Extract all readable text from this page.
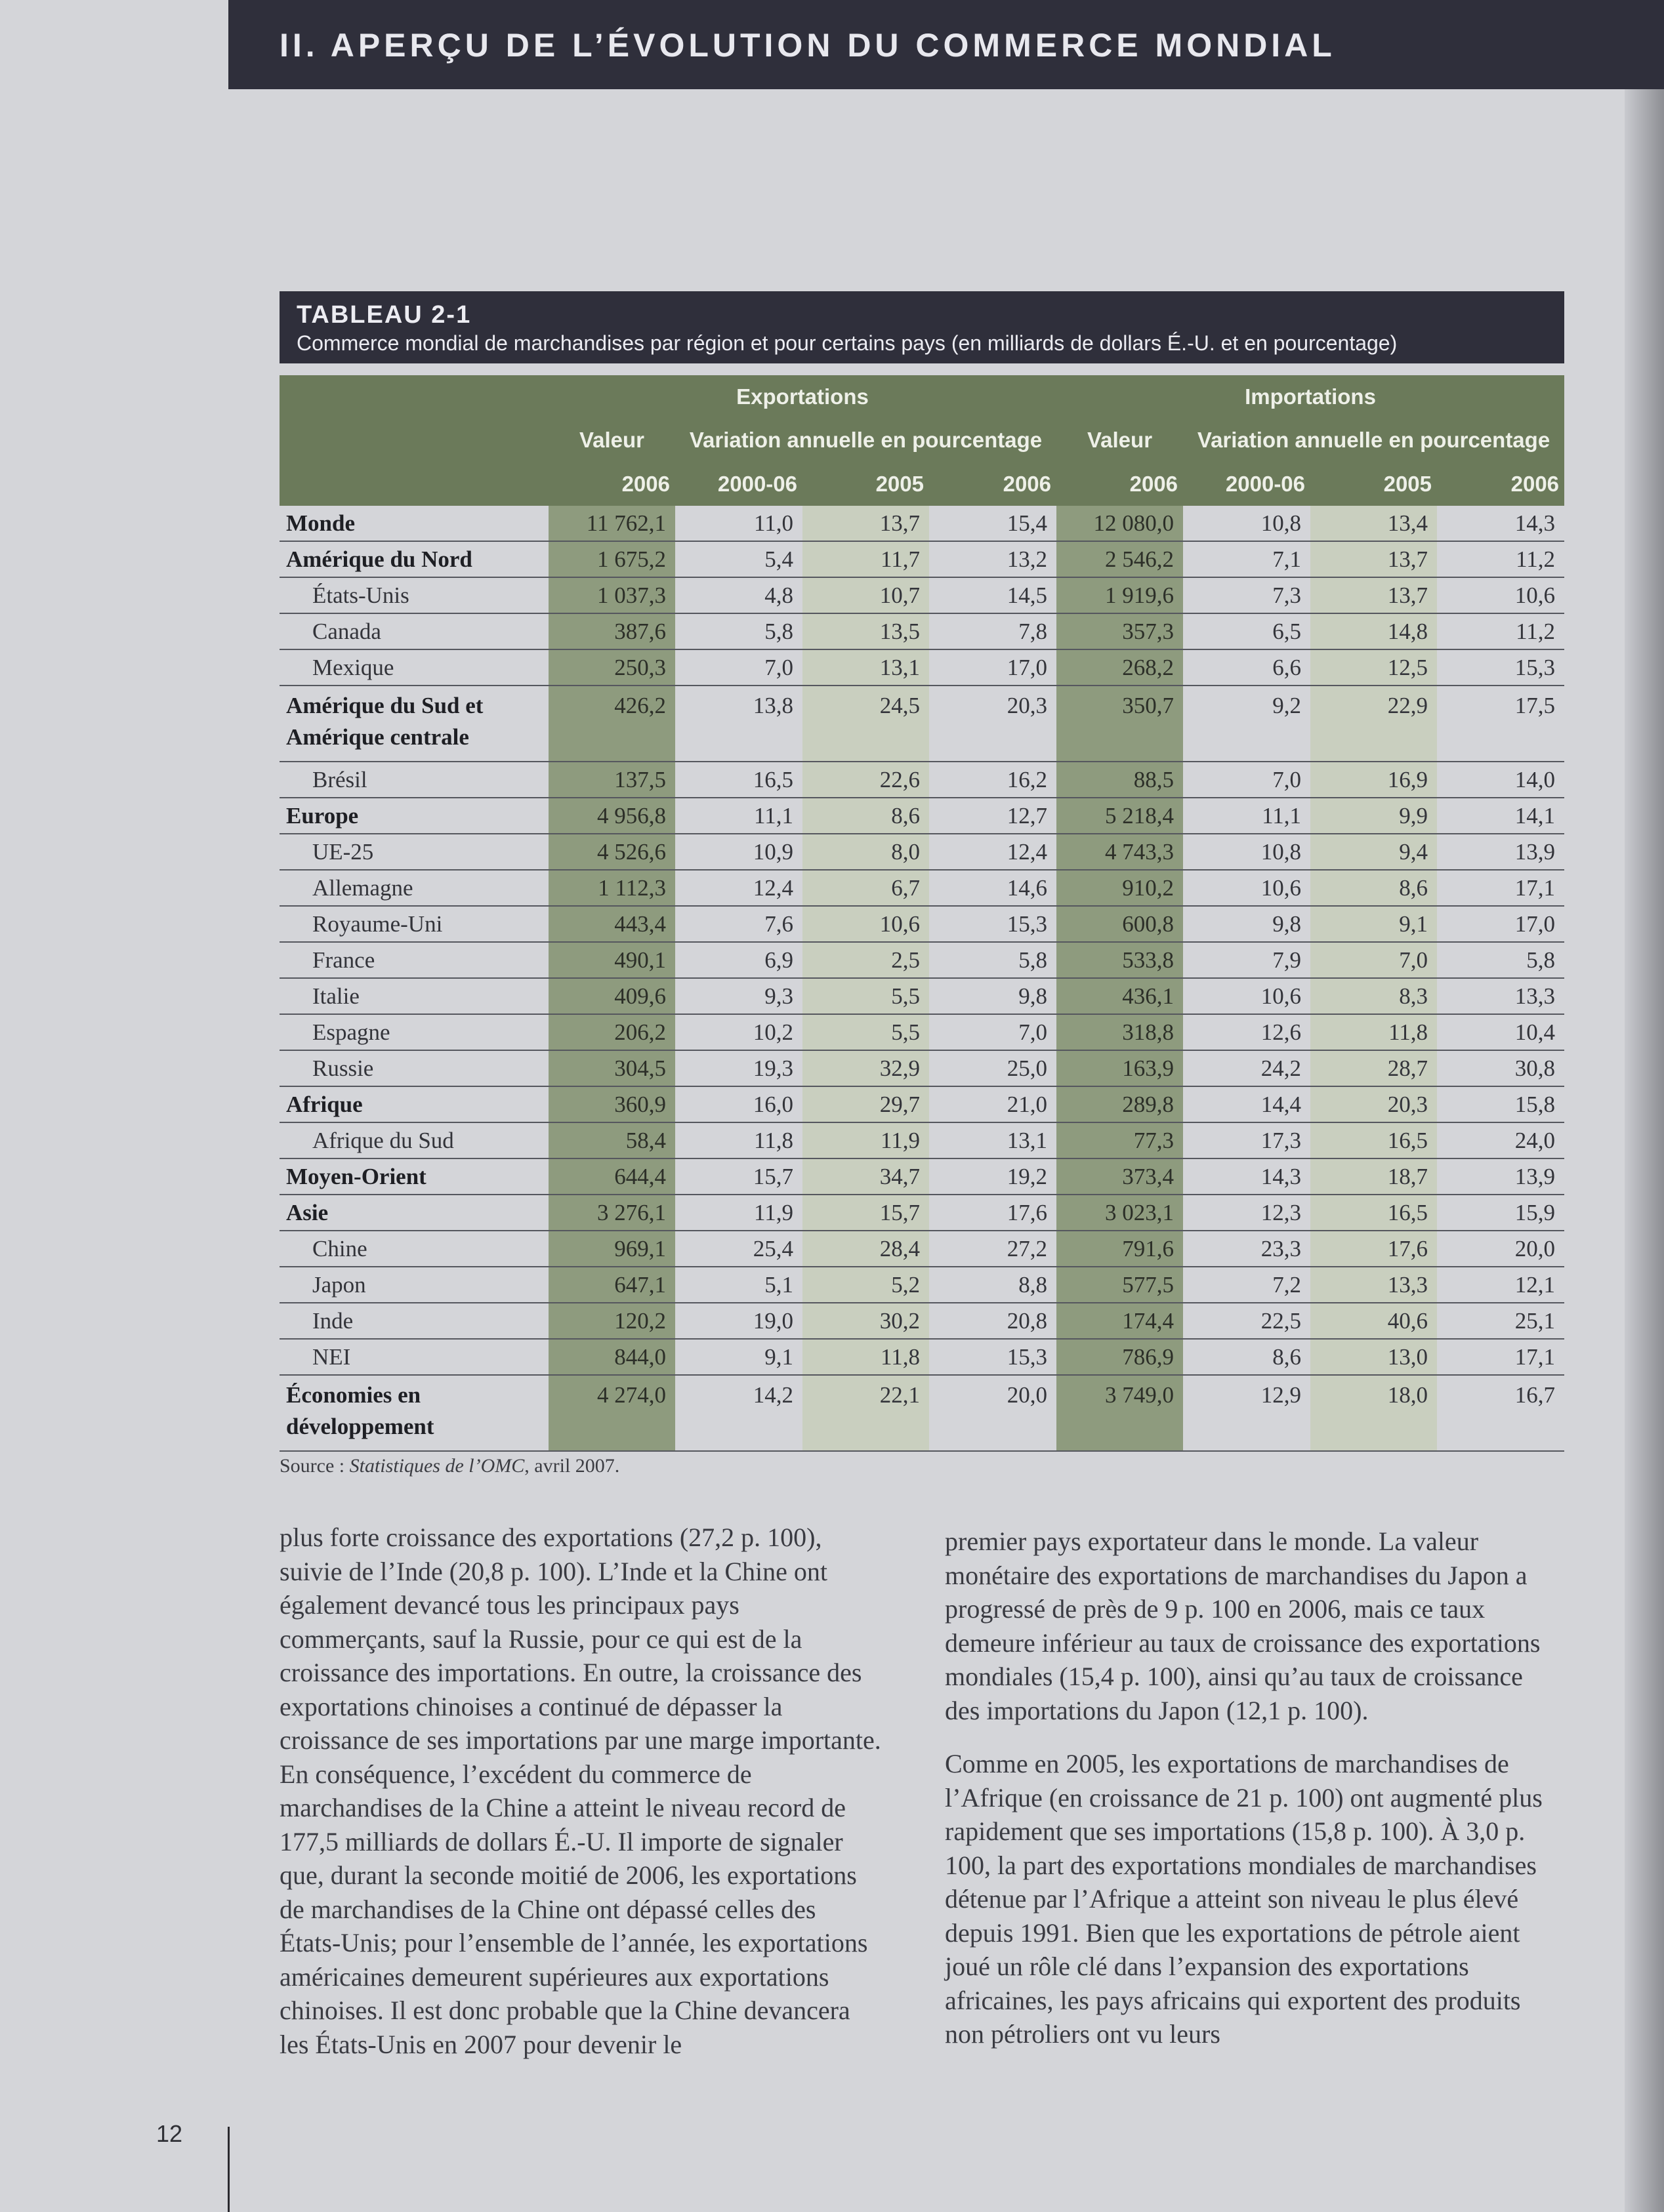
II. APERÇU DE L’ÉVOLUTION DU COMMERCE MONDIAL
TABLEAU 2-1
Commerce mondial de marchandises par région et pour certains pays (en milliards de dollars É.-U. et en pourcentage)
	Exportations				Importations			
	Valeur	Variation annuelle en pourcentage			Valeur	Variation annuelle en pourcentage		
	2006	2000-06	2005	2006	2006	2000-06	2005	2006
Monde	11 762,1	11,0	13,7	15,4	12 080,0	10,8	13,4	14,3
Amérique du Nord	1 675,2	5,4	11,7	13,2	2 546,2	7,1	13,7	11,2
États-Unis	1 037,3	4,8	10,7	14,5	1 919,6	7,3	13,7	10,6
Canada	387,6	5,8	13,5	7,8	357,3	6,5	14,8	11,2
Mexique	250,3	7,0	13,1	17,0	268,2	6,6	12,5	15,3
Amérique du Sud et Amérique centrale	426,2	13,8	24,5	20,3	350,7	9,2	22,9	17,5
Brésil	137,5	16,5	22,6	16,2	88,5	7,0	16,9	14,0
Europe	4 956,8	11,1	8,6	12,7	5 218,4	11,1	9,9	14,1
UE-25	4 526,6	10,9	8,0	12,4	4 743,3	10,8	9,4	13,9
Allemagne	1 112,3	12,4	6,7	14,6	910,2	10,6	8,6	17,1
Royaume-Uni	443,4	7,6	10,6	15,3	600,8	9,8	9,1	17,0
France	490,1	6,9	2,5	5,8	533,8	7,9	7,0	5,8
Italie	409,6	9,3	5,5	9,8	436,1	10,6	8,3	13,3
Espagne	206,2	10,2	5,5	7,0	318,8	12,6	11,8	10,4
Russie	304,5	19,3	32,9	25,0	163,9	24,2	28,7	30,8
Afrique	360,9	16,0	29,7	21,0	289,8	14,4	20,3	15,8
Afrique du Sud	58,4	11,8	11,9	13,1	77,3	17,3	16,5	24,0
Moyen-Orient	644,4	15,7	34,7	19,2	373,4	14,3	18,7	13,9
Asie	3 276,1	11,9	15,7	17,6	3 023,1	12,3	16,5	15,9
Chine	969,1	25,4	28,4	27,2	791,6	23,3	17,6	20,0
Japon	647,1	5,1	5,2	8,8	577,5	7,2	13,3	12,1
Inde	120,2	19,0	30,2	20,8	174,4	22,5	40,6	25,1
NEI	844,0	9,1	11,8	15,3	786,9	8,6	13,0	17,1
Économies en développement	4 274,0	14,2	22,1	20,0	3 749,0	12,9	18,0	16,7
Source : Statistiques de l’OMC, avril 2007.

plus forte croissance des exportations (27,2 p. 100), suivie de l’Inde (20,8 p. 100). L’Inde et la Chine ont également devancé tous les principaux pays commerçants, sauf la Russie, pour ce qui est de la croissance des importations. En outre, la croissance des exportations chinoises a continué de dépasser la croissance de ses importations par une marge importante. En conséquence, l’excédent du commerce de marchandises de la Chine a atteint le niveau record de 177,5 milliards de dollars É.-U. Il importe de signaler que, durant la seconde moitié de 2006, les exportations de marchandises de la Chine ont dépassé celles des États-Unis; pour l’ensemble de l’année, les exportations américaines demeurent supérieures aux exportations chinoises. Il est donc probable que la Chine devancera les États-Unis en 2007 pour devenir le

premier pays exportateur dans le monde. La valeur monétaire des exportations de marchandises du Japon a progressé de près de 9 p. 100 en 2006, mais ce taux demeure inférieur au taux de croissance des exportations mondiales (15,4 p. 100), ainsi qu’au taux de croissance des importations du Japon (12,1 p. 100).

Comme en 2005, les exportations de marchandises de l’Afrique (en croissance de 21 p. 100) ont augmenté plus rapidement que ses importations (15,8 p. 100). À 3,0 p. 100, la part des exportations mondiales de marchandises détenue par l’Afrique a atteint son niveau le plus élevé depuis 1991. Bien que les exportations de pétrole aient joué un rôle clé dans l’expansion des exportations africaines, les pays africains qui exportent des produits non pétroliers ont vu leurs

12
